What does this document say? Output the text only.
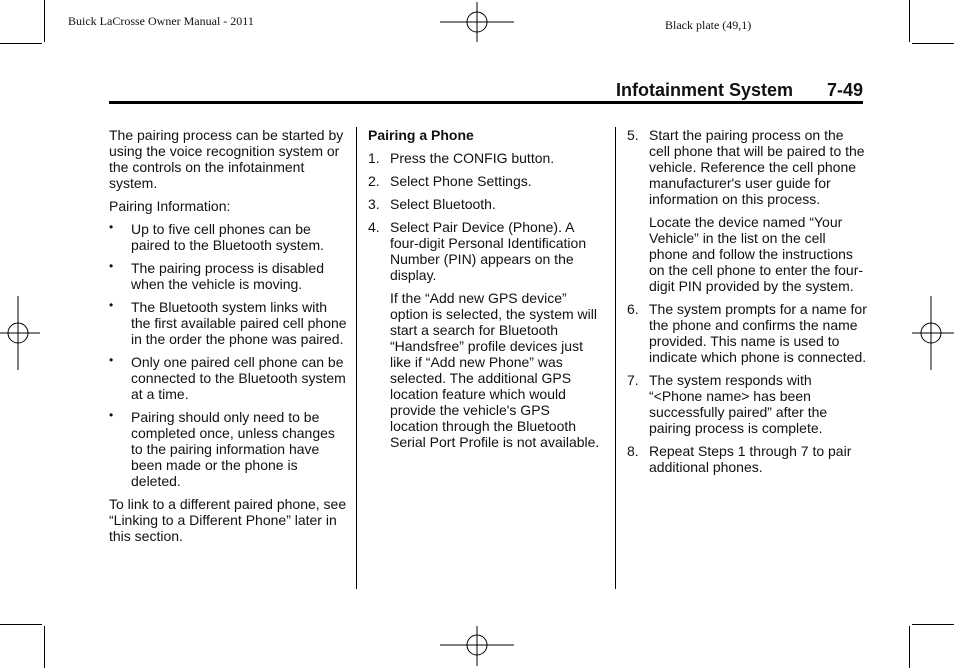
Buick LaCrosse Owner Manual - 2011	Black plate (49,1)
Infotainment System 7-49

The pairing process can be started by using the voice recognition system or the controls on the infotainment system.

Pairing Information:

• Up to five cell phones can be paired to the Bluetooth system.
• The pairing process is disabled when the vehicle is moving.
• The Bluetooth system links with the first available paired cell phone in the order the phone was paired.
• Only one paired cell phone can be connected to the Bluetooth system at a time.
• Pairing should only need to be completed once, unless changes to the pairing information have been made or the phone is deleted.

To link to a different paired phone, see “Linking to a Different Phone” later in this section.

Pairing a Phone

1. Press the CONFIG button.
2. Select Phone Settings.
3. Select Bluetooth.
4. Select Pair Device (Phone). A four-digit Personal Identification Number (PIN) appears on the display.

If the “Add new GPS device” option is selected, the system will start a search for Bluetooth “Handsfree” profile devices just like if “Add new Phone” was selected. The additional GPS location feature which would provide the vehicle's GPS location through the Bluetooth Serial Port Profile is not available.

5. Start the pairing process on the cell phone that will be paired to the vehicle. Reference the cell phone manufacturer's user guide for information on this process.

Locate the device named “Your Vehicle” in the list on the cell phone and follow the instructions on the cell phone to enter the four-digit PIN provided by the system.

6. The system prompts for a name for the phone and confirms the name provided. This name is used to indicate which phone is connected.
7. The system responds with “<Phone name> has been successfully paired” after the pairing process is complete.
8. Repeat Steps 1 through 7 to pair additional phones.
